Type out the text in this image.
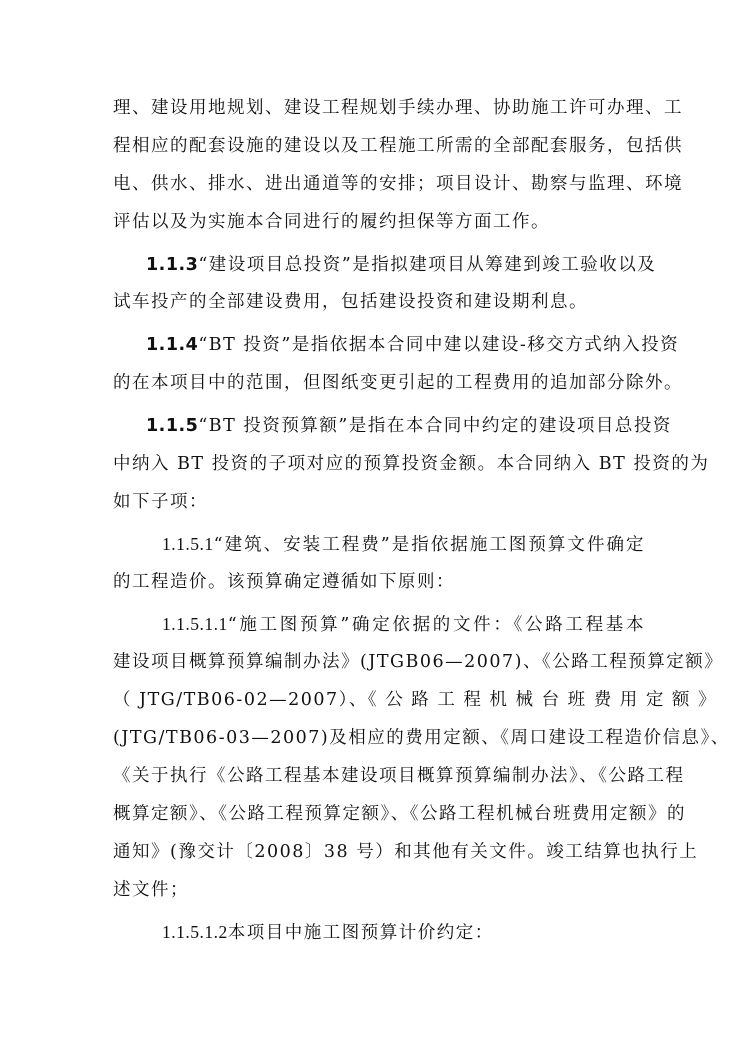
理、建设用地规划、建设工程规划手续办理、协助施工许可办理、工
程相应的配套设施的建设以及工程施工所需的全部配套服务，包括供
电、供水、排水、进出通道等的安排；项目设计、勘察与监理、环境
评估以及为实施本合同进行的履约担保等方面工作。
1.1.3“建设项目总投资”是指拟建项目从筹建到竣工验收以及
试车投产的全部建设费用，包括建设投资和建设期利息。
1.1.4“BT 投资”是指依据本合同中建以建设-移交方式纳入投资
的在本项目中的范围，但图纸变更引起的工程费用的追加部分除外。
1.1.5“BT 投资预算额”是指在本合同中约定的建设项目总投资
中纳入 BT 投资的子项对应的预算投资金额。本合同纳入 BT 投资的为
如下子项：
1.1.5.1“建筑、安装工程费”是指依据施工图预算文件确定
的工程造价。该预算确定遵循如下原则：
1.1.5.1.1“施工图预算”确定依据的文件：《公路工程基本
建设项目概算预算编制办法》(JTGB06—2007)、《公路工程预算定额》
（ JTG/TB06-02—2007）、《 公 路 工 程 机 械 台 班 费 用 定 额 》
(JTG/TB06-03—2007)及相应的费用定额、《周口建设工程造价信息》、
《关于执行《公路工程基本建设项目概算预算编制办法》、《公路工程
概算定额》、《公路工程预算定额》、《公路工程机械台班费用定额》的
通知》(豫交计〔2008〕38 号）和其他有关文件。竣工结算也执行上
述文件；
1.1.5.1.2本项目中施工图预算计价约定：
